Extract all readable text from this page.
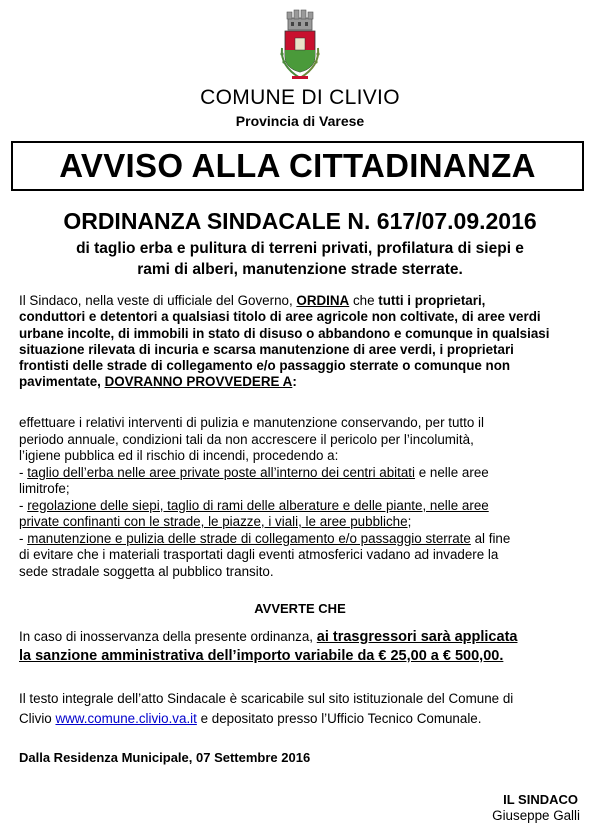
COMUNE DI CLIVIO
Provincia di Varese
AVVISO ALLA CITTADINANZA
ORDINANZA SINDACALE N. 617/07.09.2016
di taglio erba e pulitura di terreni privati, profilatura di siepi e
rami di alberi, manutenzione strade sterrate.
Il Sindaco, nella veste di ufficiale del Governo, ORDINA che tutti i proprietari,
conduttori e detentori a qualsiasi titolo di aree agricole non coltivate, di aree verdi
urbane incolte, di immobili in stato di disuso o abbandono e comunque in qualsiasi
situazione rilevata di incuria e scarsa manutenzione di aree verdi, i proprietari
frontisti delle strade di collegamento e/o passaggio sterrate o comunque non
pavimentate, DOVRANNO PROVVEDERE A:
effettuare i relativi interventi di pulizia e manutenzione conservando, per tutto il
periodo annuale, condizioni tali da non accrescere il pericolo per l’incolumità,
l’igiene pubblica ed il rischio di incendi, procedendo a:
- taglio dell’erba nelle aree private poste all’interno dei centri abitati e nelle aree
limitrofe;
- regolazione delle siepi, taglio di rami delle alberature e delle piante, nelle aree
private confinanti con le strade, le piazze, i viali, le aree pubbliche;
- manutenzione e pulizia delle strade di collegamento e/o passaggio sterrate al fine
di evitare che i materiali trasportati dagli eventi atmosferici vadano ad invadere la
sede stradale soggetta al pubblico transito.
AVVERTE CHE
In caso di inosservanza della presente ordinanza, ai trasgressori sarà applicata
la sanzione amministrativa dell’importo variabile da € 25,00 a € 500,00.
Il testo integrale dell’atto Sindacale è scaricabile sul sito istituzionale del Comune di
Clivio www.comune.clivio.va.it e depositato presso l’Ufficio Tecnico Comunale.
Dalla Residenza Municipale, 07 Settembre 2016
IL SINDACO
Giuseppe Galli
